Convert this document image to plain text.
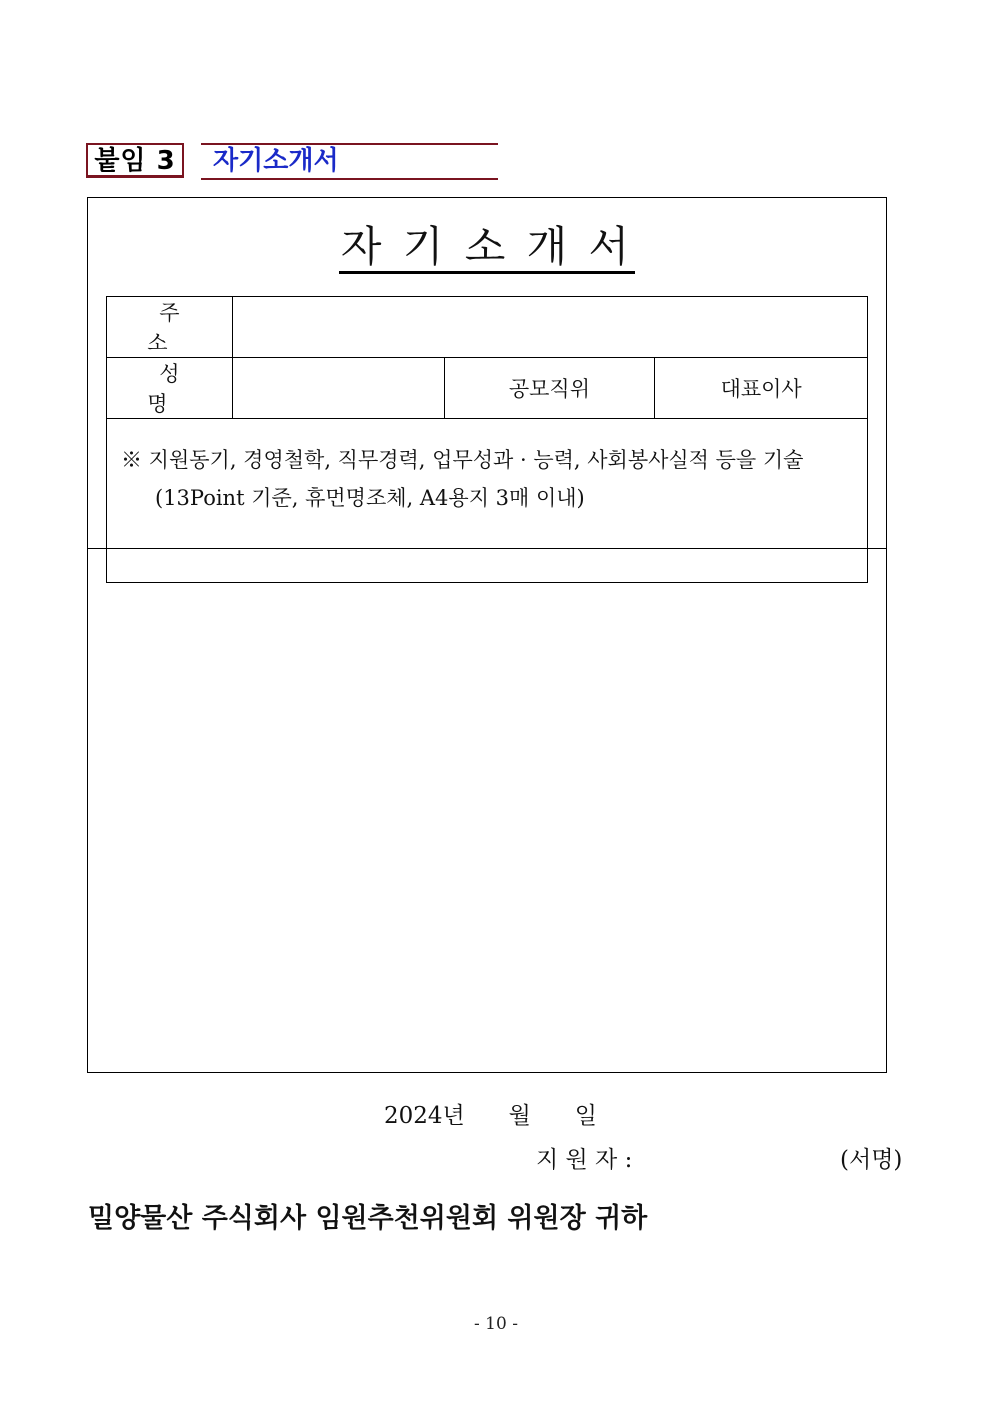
붙임 3	자기소개서
자 기 소 개 서
주 소			
성 명		공모직위	대표이사

※ 지원동기, 경영철학, 직무경력, 업무성과 · 능력, 사회봉사실적 등을 기술
(13Point 기준, 휴먼명조체, A4용지 3매 이내)			
2024년      월      일
지 원 자 :	(서명)
밀양물산 주식회사 임원추천위원회 위원장 귀하
- 10 -
